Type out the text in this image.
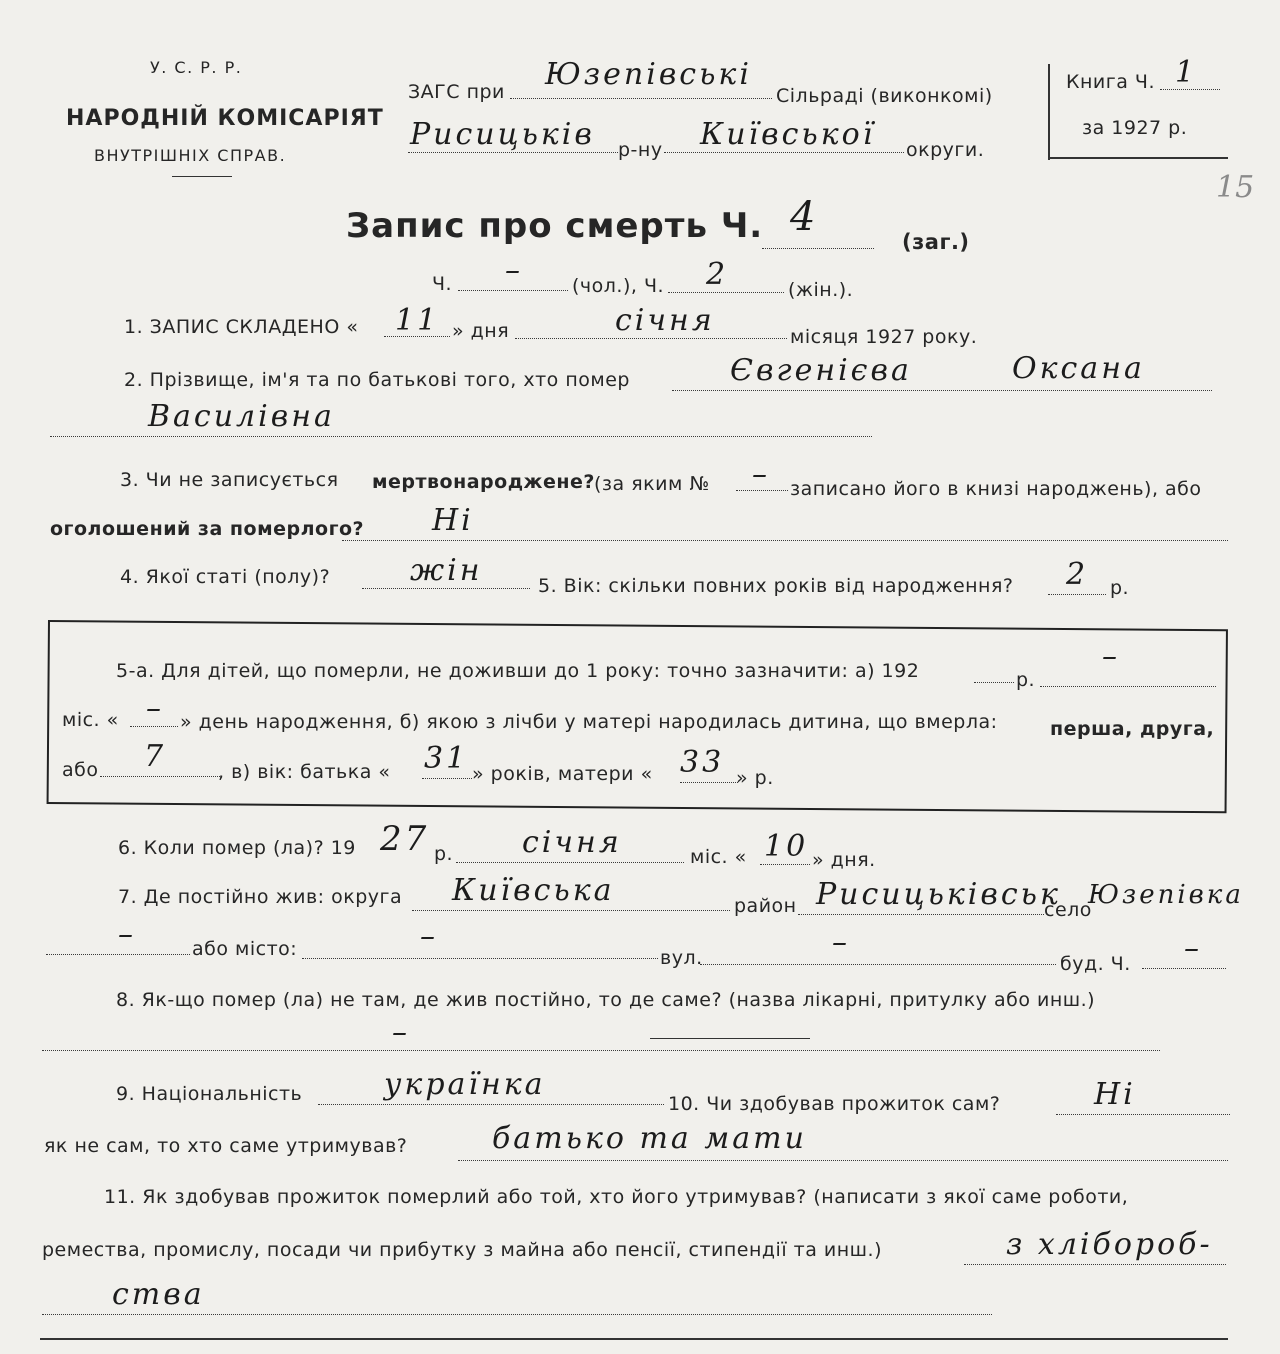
У. С. Р. Р.
НАРОДНІЙ КОМІСАРІЯТ
ВНУТРІШНІХ СПРАВ.
ЗАГС при Юзепівські
Сільраді (виконкомі)
Рисицьків р-ну Київської округи.
Книга Ч. 1
за 1927 р.
15
Запис про смерть Ч. 4
(заг.)
Ч. –	(чол.), Ч. 2	(жін.).
1. ЗАПИС СКЛАДЕНО « 11 » дня	січня	місяця 1927 року.
2. Прізвище, ім'я та по батькові того, хто помер	Євгенієва	Оксана
Василівна
3. Чи не записується мертвонароджене? (за яким № – записано його в книзі народжень), або
оголошений за померлого? Ні
4. Якої статі (полу)?	жін	5. Вік: скільки повних років від народження? 2 р.
5-а. Для дітей, що померли, не доживши до 1 року: точно зазначити: а) 192	р.
–
міс. « – » день народження, б) якою з лічби у матері народилась дитина, що вмерла:	перша, друга,
або 7	, в) вік: батька « 31 » років, матери « 33 » р.
6. Коли помер (ла)? 19 27 р. січня	міс. « 10 » дня.
7. Де постійно жив: округа Київська	район Рисицьківськ
село
Юзепівка
–	або місто:	–
вул.	–
буд. Ч. –
8. Як-що помер (ла) не там, де жив постійно, то де саме? (назва лікарні, притулку або инш.)
–
9. Національність	українка
10. Чи здобував прожиток сам?	Ні
як не сам, то хто саме утримував?	батько та мати
11. Як здобував прожиток померлий або той, хто його утримував? (написати з якої саме роботи,
ремества, промислу, посади чи прибутку з майна або пенсії, стипендії та инш.)	з хлібороб-
ства
